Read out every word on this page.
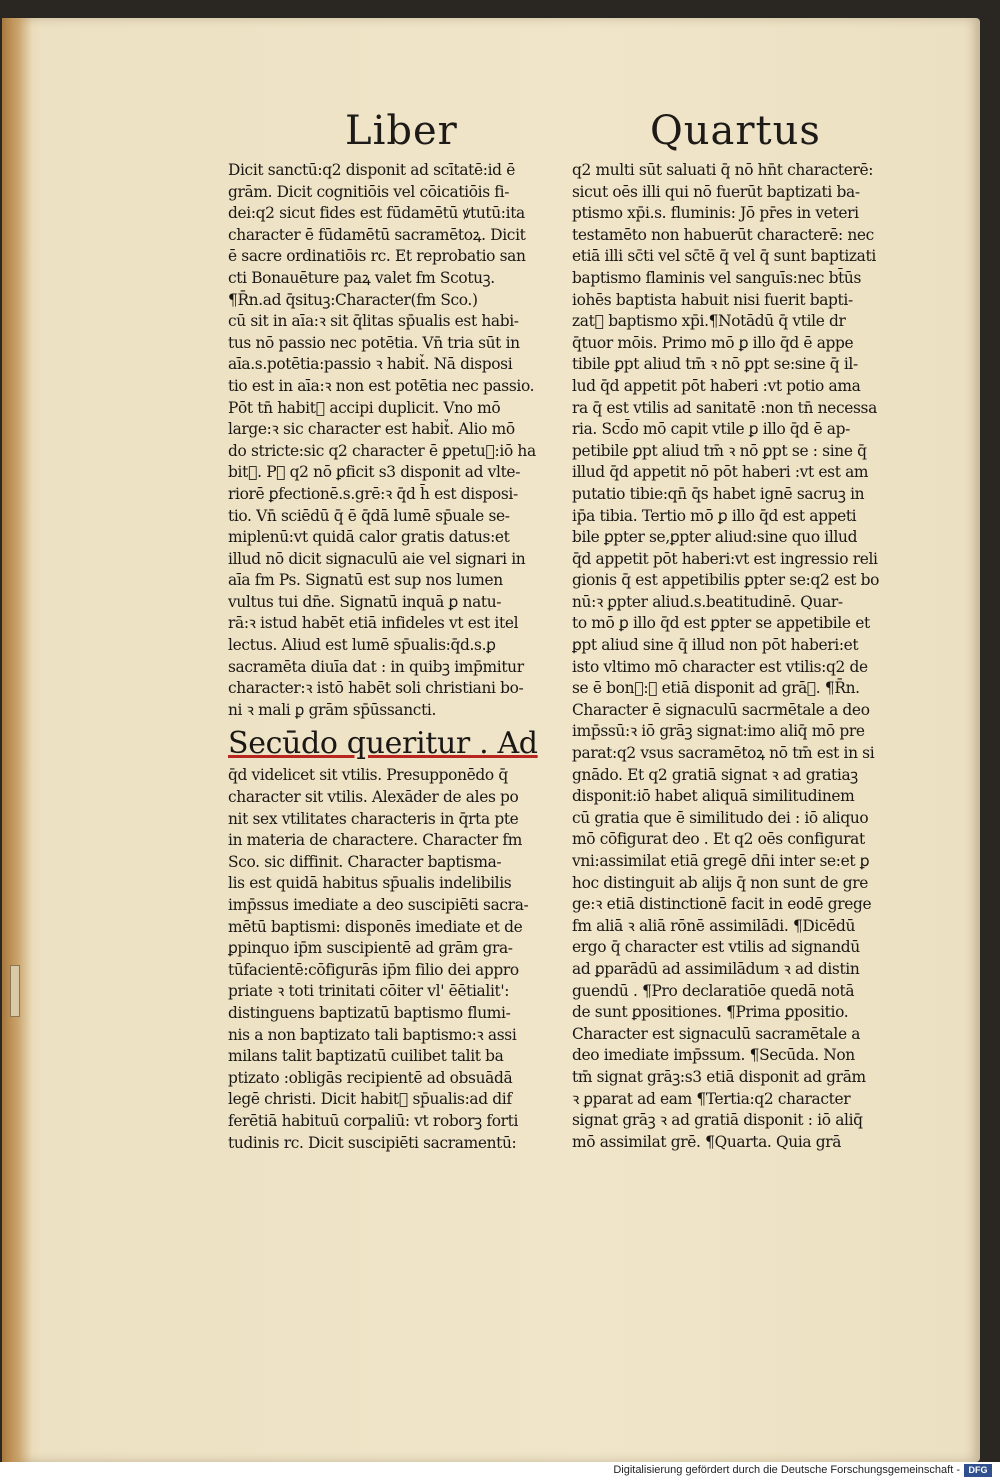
Liber	Quartus
Dicit sanctū:q2 disponit ad scītatē:id ē
grām. Dicit cognitiōis vel cōicatiōis fi-
dei:q2 sicut fides est fūdamētū ꝟtutū:ita
character ē fūdamētū sacramētoꝝ. Dicit
ē sacre ordinatiōis rc. Et reprobatio san
cti Bonauēture paꝝ valet fm Scotuꝫ.
¶R̄n.ad q̄situꝫ:Character(fm Sco.)
cū sit in aīa:ꝛ sit q̄litas sp̄ualis est habi-
tus nō passio nec potētia. Vn̄ tria sūt in
aīa.s.potētia:passio ꝛ habit᷒. Nā disposi
tio est in aīa:ꝛ non est potētia nec passio.
Pōt tn̄ habit᷒ accipi duplicit. Vno mō
large:ꝛ sic character est habit᷒. Alio mō
do stricte:sic q2 character ē ꝑpetu᷒:iō ha
bit᷒. Pꝫ q2 nō ꝑficit s3 disponit ad vlte-
riorē ꝑfectionē.s.grē:ꝛ q̄d h̄ est disposi-
tio. Vn̄ sciēdū q̄ ē q̄dā lumē sp̄uale se-
miplenū:vt quidā calor gratis datus:et
illud nō dicit signaculū aie vel signari in
aīa fm Ps. Signatū est sup nos lumen
vultus tui dn̄e. Signatū inquā ꝑ natu-
rā:ꝛ istud habēt etiā infideles vt est itel
lectus. Aliud est lumē sp̄ualis:q̄d.s.ꝑ
sacramēta diuīa dat : in quibꝫ imp̄mitur
character:ꝛ istō habēt soli christiani bo-
ni ꝛ mali ꝑ grām sp̄ūssancti.
Secūdo queritur . Ad
q̄d videlicet sit vtilis. Presupponēdo q̄
character sit vtilis. Alexāder de ales po
nit sex vtilitates characteris in q̄rta pte
in materia de charactere. Character fm
Sco. sic diffinit. Character baptisma-
lis est quidā habitus sp̄ualis indelibilis
imp̄ssus imediate a deo suscipiēti sacra-
mētū baptismi: disponēs imediate et de
ꝑpinquo ip̄m suscipientē ad grām gra-
tūfacientē:cōfigurās ip̄m filio dei appro
priate ꝛ toti trinitati cōiter vl' ēētialit':
distinguens baptizatū baptismo flumi-
nis a non baptizato tali baptismo:ꝛ assi
milans talit baptizatū cuilibet talit ba
ptizato :obligās recipientē ad obsuādā
legē christi. Dicit habit᷒ sp̄ualis:ad dif
ferētiā habituū corpaliū: vt roborꝫ forti
tudinis rc. Dicit suscipiēti sacramentū:
q2 multi sūt saluati q̄ nō hn̄t characterē:
sicut oēs illi qui nō fuerūt baptizati ba-
ptismo xp̄i.s. fluminis: Jō pr̄es in veteri
testamēto non habuerūt characterē: nec
etiā illi sc̄ti vel sc̄tē q̄ vel q̄ sunt baptizati
baptismo flaminis vel sanguīs:nec bt̄ūs
iohēs baptista habuit nisi fuerit bapti-
zat᷒ baptismo xp̄i.¶Notādū q̄ vtile dr
q̄tuor mōis. Primo mō ꝑ illo q̄d ē appe
tibile ꝑpt aliud tm̄ ꝛ nō ꝑpt se:sine q̄ il-
lud q̄d appetit pōt haberi :vt potio ama
ra q̄ est vtilis ad sanitatē :non tn̄ necessa
ria. Scd̄o mō capit vtile ꝑ illo q̄d ē ap-
petibile ꝑpt aliud tm̄ ꝛ nō ꝑpt se : sine q̄
illud q̄d appetit nō pōt haberi :vt est am
putatio tibie:qn̄ q̄s habet ignē sacruꝫ in
ip̄a tibia. Tertio mō ꝑ illo q̄d est appeti
bile ꝑpter se,ꝑpter aliud:sine quo illud
q̄d appetit pōt haberi:vt est ingressio reli
gionis q̄ est appetibilis ꝑpter se:q2 est bo
nū:ꝛ ꝑpter aliud.s.beatitudinē. Quar-
to mō ꝑ illo q̄d est ꝑpter se appetibile et
ꝑpt aliud sine q̄ illud non pōt haberi:et
isto vltimo mō character est vtilis:q2 de
se ē bon᷒:ꝛ etiā disponit ad grāꝫ. ¶R̄n.
Character ē signaculū sacrmētale a deo
imp̄ssū:ꝛ iō grāꝫ signat:imo aliq̄ mō pre
parat:q2 vsus sacramētoꝝ nō tm̄ est in si
gnādo. Et q2 gratiā signat ꝛ ad gratiaꝫ
disponit:iō habet aliquā similitudinem
cū gratia que ē similitudo dei : iō aliquo
mō cōfigurat deo . Et q2 oēs configurat
vni:assimilat etiā gregē dn̄i inter se:et ꝑ
hoc distinguit ab alijs q̄ non sunt de gre
ge:ꝛ etiā distinctionē facit in eodē grege
fm aliā ꝛ aliā rōnē assimilādi. ¶Dicēdū
ergo q̄ character est vtilis ad signandū
ad ꝑparādū ad assimilādum ꝛ ad distin
guendū . ¶Pro declaratiōe quedā notā
de sunt ꝑpositiones. ¶Prima ꝑpositio.
Character est signaculū sacramētale a
deo imediate imp̄ssum. ¶Secūda. Non
tm̄ signat grāꝫ:s3 etiā disponit ad grām
ꝛ ꝑparat ad eam ¶Tertia:q2 character
signat grāꝫ ꝛ ad gratiā disponit : iō aliq̄
mō assimilat grē. ¶Quarta. Quia grā
Digitalisierung gefördert durch die Deutsche Forschungsgemeinschaft - DFG
